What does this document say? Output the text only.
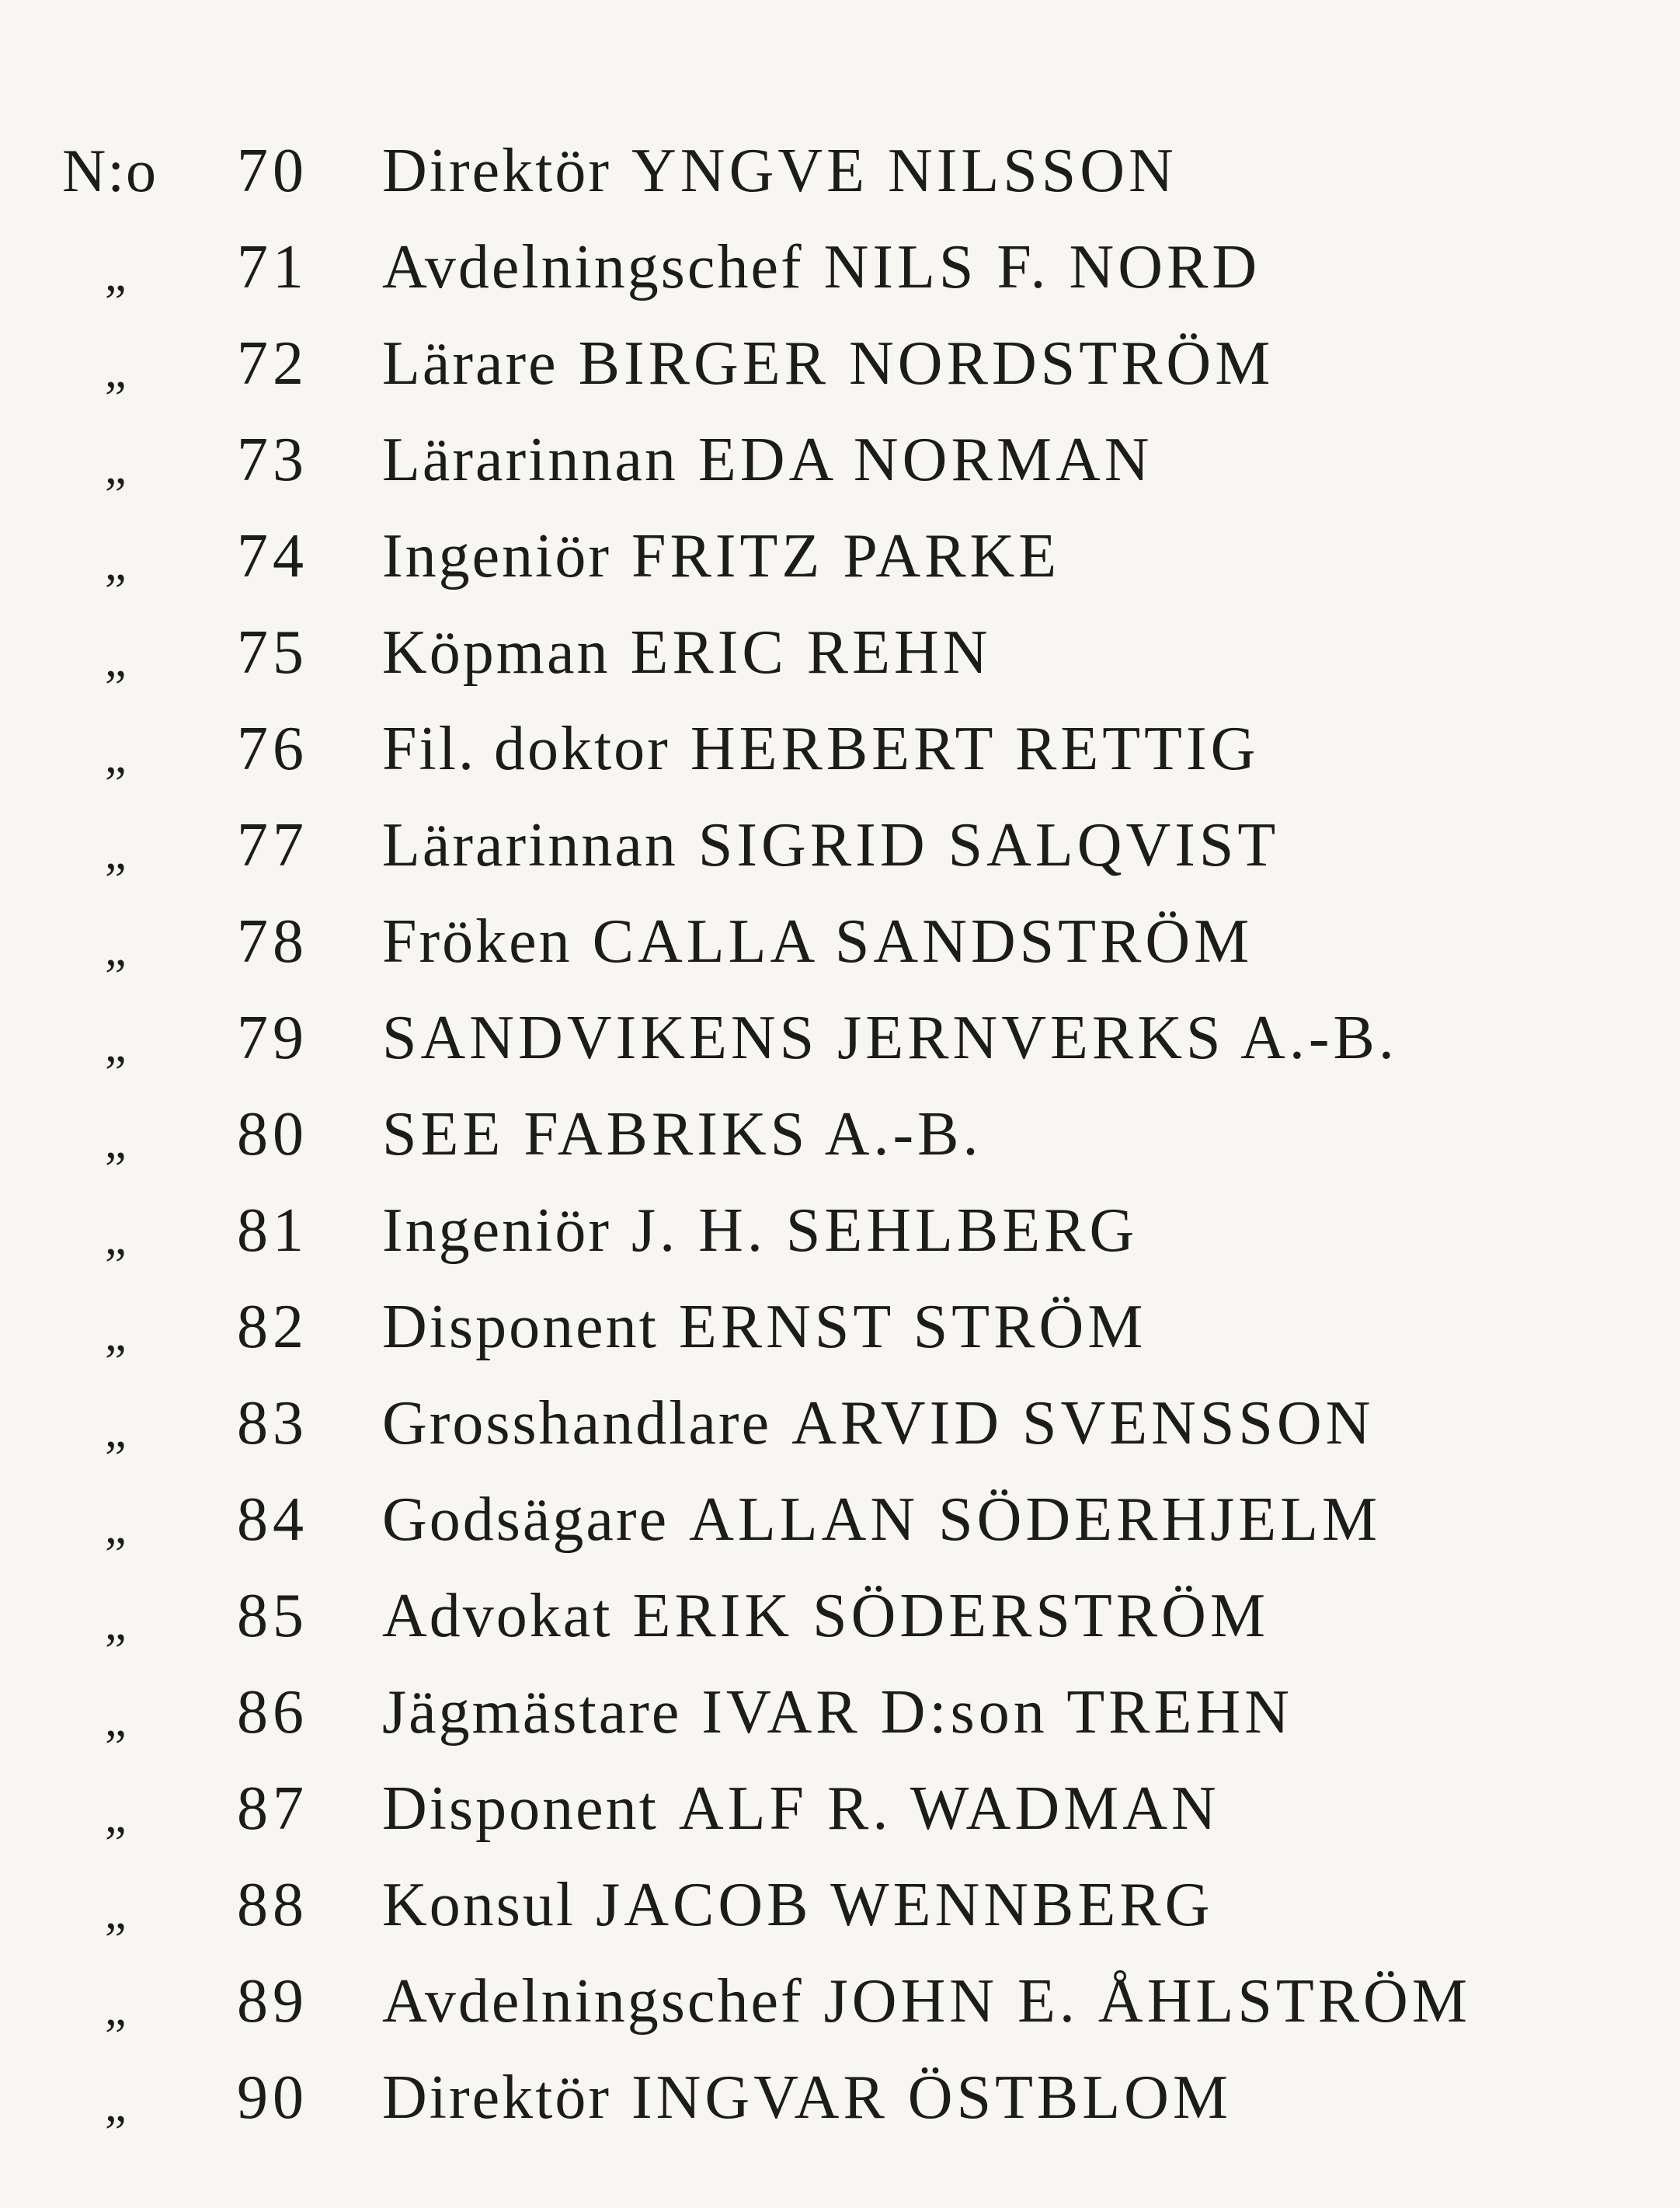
N:o	70	Direktör YNGVE NILSSON
„	71	Avdelningschef NILS F. NORD
„	72	Lärare BIRGER NORDSTRÖM
„	73	Lärarinnan EDA NORMAN
„	74	Ingeniör FRITZ PARKE
„	75	Köpman ERIC REHN
„	76	Fil. doktor HERBERT RETTIG
„	77	Lärarinnan SIGRID SALQVIST
„	78	Fröken CALLA SANDSTRÖM
„	79	SANDVIKENS JERNVERKS A.-B.
„	80	SEE FABRIKS A.-B.
„	81	Ingeniör J. H. SEHLBERG
„	82	Disponent ERNST STRÖM
„	83	Grosshandlare ARVID SVENSSON
„	84	Godsägare ALLAN SÖDERHJELM
„	85	Advokat ERIK SÖDERSTRÖM
„	86	Jägmästare IVAR D:son TREHN
„	87	Disponent ALF R. WADMAN
„	88	Konsul JACOB WENNBERG
„	89	Avdelningschef JOHN E. ÅHLSTRÖM
„	90	Direktör INGVAR ÖSTBLOM
